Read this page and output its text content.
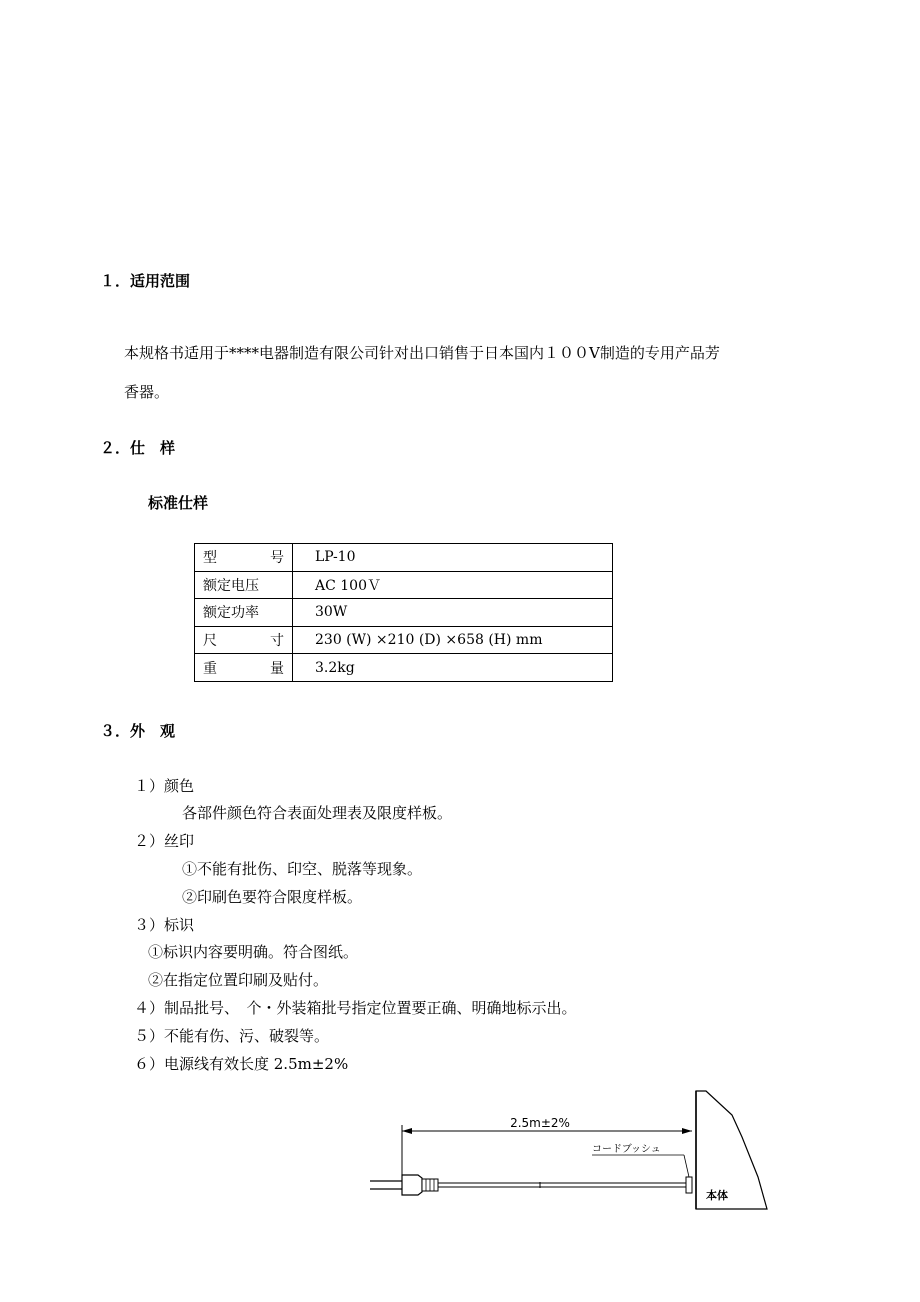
１．适用范围
本规格书适用于****电器制造有限公司针对出口销售于日本国内１００V制造的专用产品芳
香器。
２．仕　样
标准仕样
型 号	LP-10
额定电压	AC 100Ｖ
额定功率	30W

尺 寸	230 (W) ×210 (D) ×658 (H) mm

重 量	3.2kg
３．外　观
１）颜色
各部件颜色符合表面处理表及限度样板。
２）丝印
①不能有批伤、印空、脱落等现象。
②印刷色要符合限度样板。
３）标识
①标识内容要明确。符合图纸。
②在指定位置印刷及贴付。
４）制品批号、　个・外装箱批号指定位置要正确、明确地标示出。
５）不能有伤、污、破裂等。
６）电源线有效长度 2.5m±2%
2.5m±2%
コードブッシュ
本体
